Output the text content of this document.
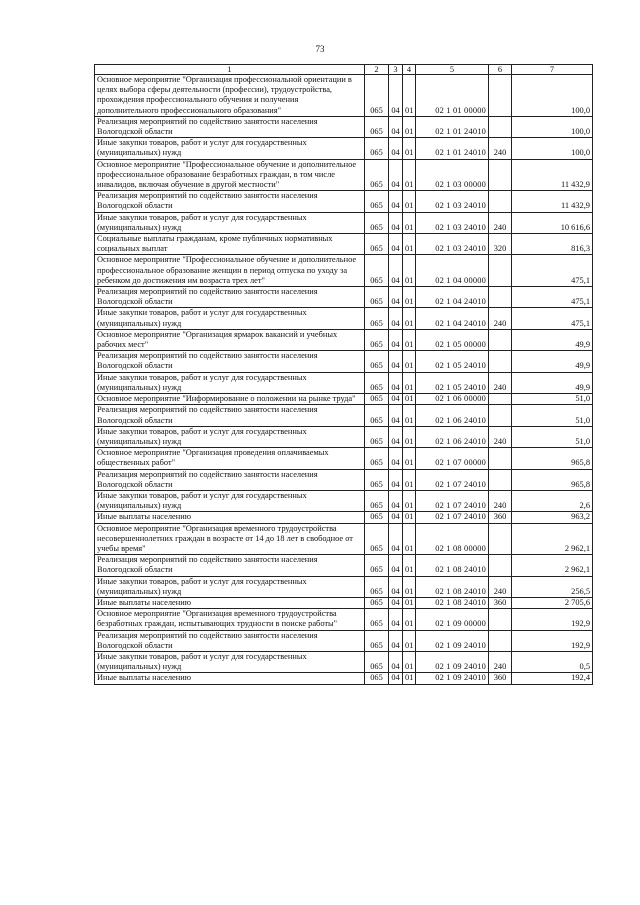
73
1	2	3	4	5	6	7
Основное мероприятие "Организация профессиональной ориентации в целях выбора сферы деятельности (профессии), трудоустройства, прохождения профессионального обучения и получения дополнительного профессионального образования"	065	04	01	02 1 01 00000		100,0
Реализация мероприятий по содействию занятости населения Вологодской области	065	04	01	02 1 01 24010		100,0
Иные закупки товаров, работ и услуг для государственных (муниципальных) нужд	065	04	01	02 1 01 24010	240	100,0
Основное мероприятие "Профессиональное обучение и дополнительное профессиональное образование безработных граждан, в том числе инвалидов, включая обучение в другой местности"	065	04	01	02 1 03 00000		11 432,9
Реализация мероприятий по содействию занятости населения Вологодской области	065	04	01	02 1 03 24010		11 432,9
Иные закупки товаров, работ и услуг для государственных (муниципальных) нужд	065	04	01	02 1 03 24010	240	10 616,6
Социальные выплаты гражданам, кроме публичных нормативных социальных выплат	065	04	01	02 1 03 24010	320	816,3
Основное мероприятие "Профессиональное обучение и дополнительное профессиональное образование женщин в период отпуска по уходу за ребенком до достижения им возраста трех лет"	065	04	01	02 1 04 00000		475,1
Реализация мероприятий по содействию занятости населения Вологодской области	065	04	01	02 1 04 24010		475,1
Иные закупки товаров, работ и услуг для государственных (муниципальных) нужд	065	04	01	02 1 04 24010	240	475,1
Основное мероприятие "Организация ярмарок вакансий и учебных рабочих мест"	065	04	01	02 1 05 00000		49,9
Реализация мероприятий по содействию занятости населения Вологодской области	065	04	01	02 1 05 24010		49,9
Иные закупки товаров, работ и услуг для государственных (муниципальных) нужд	065	04	01	02 1 05 24010	240	49,9
Основное мероприятие "Информирование о положении на рынке труда"	065	04	01	02 1 06 00000		51,0
Реализация мероприятий по содействию занятости населения Вологодской области	065	04	01	02 1 06 24010		51,0
Иные закупки товаров, работ и услуг для государственных (муниципальных) нужд	065	04	01	02 1 06 24010	240	51,0
Основное мероприятие "Организация проведения оплачиваемых общественных работ"	065	04	01	02 1 07 00000		965,8
Реализация мероприятий по содействию занятости населения Вологодской области	065	04	01	02 1 07 24010		965,8
Иные закупки товаров, работ и услуг для государственных (муниципальных) нужд	065	04	01	02 1 07 24010	240	2,6
Иные выплаты населению	065	04	01	02 1 07 24010	360	963,2
Основное мероприятие "Организация временного трудоустройства несовершеннолетних граждан в возрасте от 14 до 18 лет в свободное от учебы время"	065	04	01	02 1 08 00000		2 962,1
Реализация мероприятий по содействию занятости населения Вологодской области	065	04	01	02 1 08 24010		2 962,1
Иные закупки товаров, работ и услуг для государственных (муниципальных) нужд	065	04	01	02 1 08 24010	240	256,5
Иные выплаты населению	065	04	01	02 1 08 24010	360	2 705,6
Основное мероприятие "Организация временного трудоустройства безработных граждан, испытывающих трудности в поиске работы"	065	04	01	02 1 09 00000		192,9
Реализация мероприятий по содействию занятости населения Вологодской области	065	04	01	02 1 09 24010		192,9
Иные закупки товаров, работ и услуг для государственных (муниципальных) нужд	065	04	01	02 1 09 24010	240	0,5
Иные выплаты населению	065	04	01	02 1 09 24010	360	192,4
